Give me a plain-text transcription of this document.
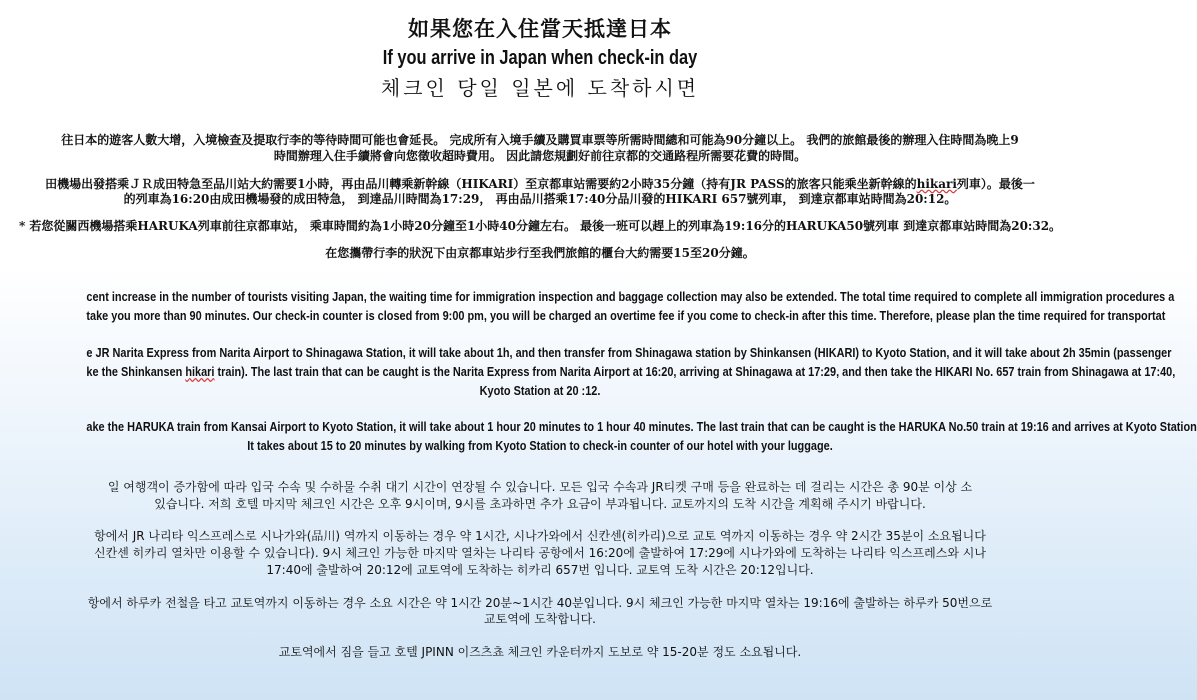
如果您在入住當天抵達日本
If you arrive in Japan when check-in day
체크인 당일 일본에 도착하시면
往日本的遊客人數大增，入境檢查及提取行李的等待時間可能也會延長。 完成所有入境手續及購買車票等所需時間總和可能為90分鐘以上。 我們的旅館最後的辦理入住時間為晚上9
時間辦理入住手續將會向您徵收超時費用。 因此請您規劃好前往京都的交通路程所需要花費的時間。
田機場出發搭乘ＪＲ成田特急至品川站大約需要1小時，再由品川轉乘新幹線（HIKARI）至京都車站需要約2小時35分鐘（持有JR PASS的旅客只能乘坐新幹線的hikari列車）。最後一
的列車為16:20由成田機場發的成田特急， 到達品川時間為17:29， 再由品川搭乘17:40分品川發的HIKARI 657號列車， 到達京都車站時間為20:12。
* 若您從關西機場搭乘HARUKA列車前往京都車站， 乘車時間約為1小時20分鐘至1小時40分鐘左右。 最後一班可以趕上的列車為19:16分的HARUKA50號列車 到達京都車站時間為20:32。
在您攜帶行李的狀況下由京都車站步行至我們旅館的櫃台大約需要15至20分鐘。
cent increase in the number of tourists visiting Japan, the waiting time for immigration inspection and baggage collection may also be extended. The total time required to complete all immigration procedures a
take you more than 90 minutes. Our check-in counter is closed from 9:00 pm, you will be charged an overtime fee if you come to check-in after this time. Therefore, please plan the time required for transportat
e JR Narita Express from Narita Airport to Shinagawa Station, it will take about 1h, and then transfer from Shinagawa station by Shinkansen (HIKARI) to Kyoto Station, and it will take about 2h 35min (passenger
ke the Shinkansen hikari train). The last train that can be caught is the Narita Express from Narita Airport at 16:20, arriving at Shinagawa at 17:29, and then take the HIKARI No. 657 train from Shinagawa at 17:40,
Kyoto Station at 20 :12.
ake the HARUKA train from Kansai Airport to Kyoto Station, it will take about 1 hour 20 minutes to 1 hour 40 minutes. The last train that can be caught is the HARUKA No.50 train at 19:16 and arrives at Kyoto Station
It takes about 15 to 20 minutes by walking from Kyoto Station to check-in counter of our hotel with your luggage.
일 여행객이 증가함에 따라 입국 수속 및 수하물 수취 대기 시간이 연장될 수 있습니다. 모든 입국 수속과 JR티켓 구매 등을 완료하는 데 걸리는 시간은 총 90분 이상 소
있습니다. 저희 호텔 마지막 체크인 시간은 오후 9시이며, 9시를 초과하면 추가 요금이 부과됩니다. 교토까지의 도착 시간을 계획해 주시기 바랍니다.
항에서 JR 나리타 익스프레스로 시나가와(品川) 역까지 이동하는 경우 약 1시간, 시나가와에서 신칸센(히카리)으로 교토 역까지 이동하는 경우 약 2시간 35분이 소요됩니다
신칸센 히카리 열차만 이용할 수 있습니다). 9시 체크인 가능한 마지막 열차는 나리타 공항에서 16:20에 출발하여 17:29에 시나가와에 도착하는 나리타 익스프레스와 시나
17:40에 출발하여 20:12에 교토역에 도착하는 히카리 657번 입니다. 교토역 도착 시간은 20:12입니다.
항에서 하루카 전철을 타고 교토역까지 이동하는 경우 소요 시간은 약 1시간 20분~1시간 40분입니다. 9시 체크인 가능한 마지막 열차는 19:16에 출발하는 하루카 50번으로
교토역에 도착합니다.
교토역에서 짐을 들고 호텔 JPINN 이즈츠쵸 체크인 카운터까지 도보로 약 15-20분 정도 소요됩니다.
